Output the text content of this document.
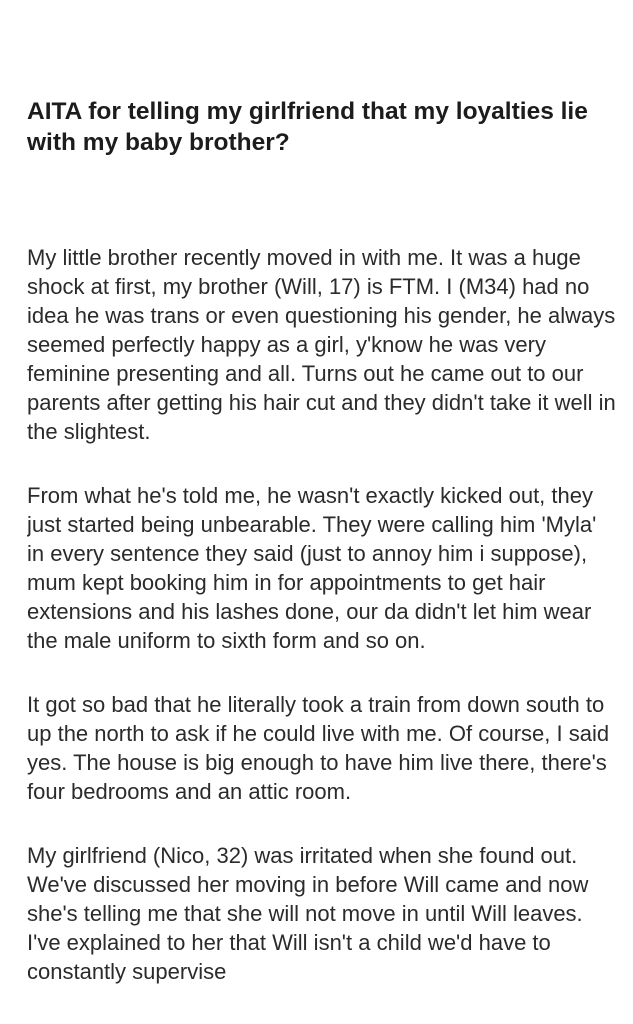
AITA for telling my girlfriend that my loyalties lie with my baby brother?

My little brother recently moved in with me. It was a huge shock at first, my brother (Will, 17) is FTM. I (M34) had no idea he was trans or even questioning his gender, he always seemed perfectly happy as a girl, y'know he was very feminine presenting and all. Turns out he came out to our parents after getting his hair cut and they didn't take it well in the slightest.

From what he's told me, he wasn't exactly kicked out, they just started being unbearable. They were calling him 'Myla' in every sentence they said (just to annoy him i suppose), mum kept booking him in for appointments to get hair extensions and his lashes done, our da didn't let him wear the male uniform to sixth form and so on.

It got so bad that he literally took a train from down south to up the north to ask if he could live with me. Of course, I said yes. The house is big enough to have him live there, there's four bedrooms and an attic room.

My girlfriend (Nico, 32) was irritated when she found out. We've discussed her moving in before Will came and now she's telling me that she will not move in until Will leaves. I've explained to her that Will isn't a child we'd have to constantly supervise
